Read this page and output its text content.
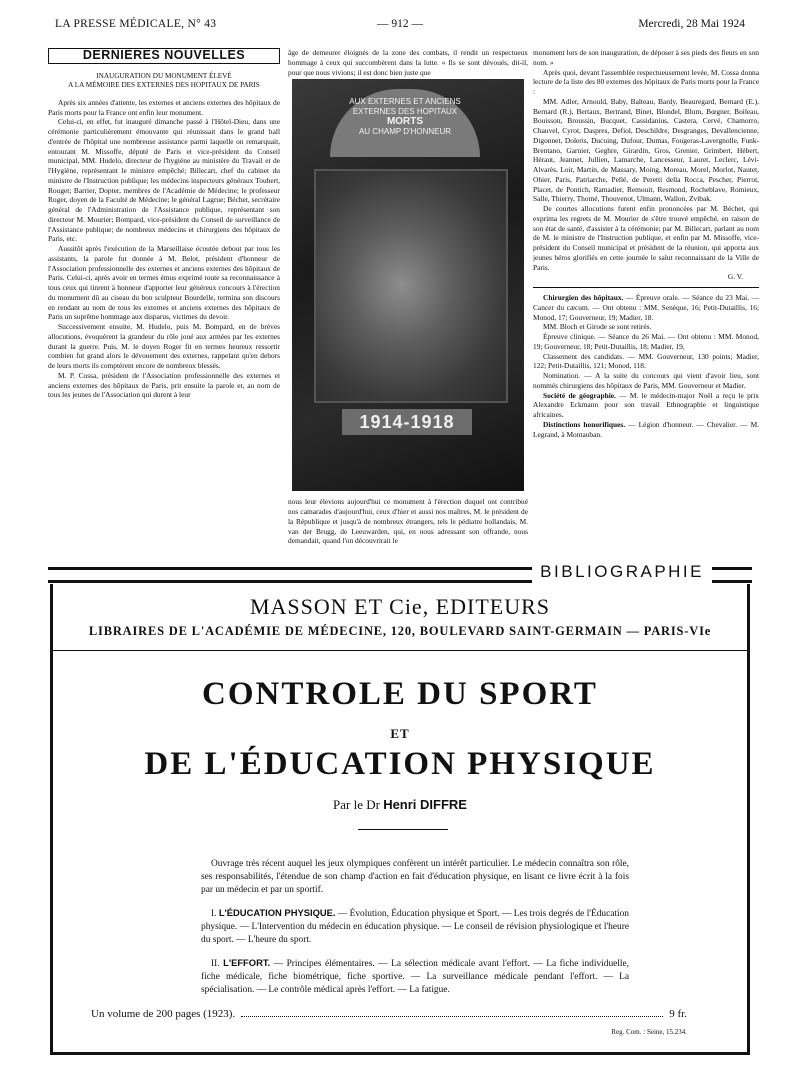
LA PRESSE MÉDICALE, N° 43	— 912 —	Mercredi, 28 Mai 1924
DERNIÈRES NOUVELLES
INAUGURATION DU MONUMENT ÉLEVÉ
A LA MÉMOIRE DES EXTERNES DES HOPITAUX DE PARIS

Après six années d'attente, les externes et anciens externes des hôpitaux de Paris morts pour la France ont enfin leur monument.

Celui-ci, en effet, fut inauguré dimanche passé à l'Hôtel-Dieu, dans une cérémonie particulièrement émouvante qui réunissait dans le grand hall d'entrée de l'hôpital une nombreuse assistance parmi laquelle on remarquait, entourant M. Missoffe, député de Paris et vice-président du Conseil municipal, MM. Hudelo, directeur de l'hygiène au ministère du Travail et de l'Hygiène, représentant le ministre empêché; Billecart, chef du cabinet du ministre de l'Instruction publique; les médecins inspecteurs généraux Toubert, Rouget; Barrier, Dopter, membres de l'Académie de Médecine; le professeur Roger, doyen de la Faculté de Médecine; le général Lagrue; Béchet, secrétaire général de l'Administration de l'Assistance publique, représentant son directeur M. Mourier; Bompard, vice-président du Conseil de surveillance de l'Assistance publique; de nombreux médecins et chirurgiens des hôpitaux de Paris, etc.

Aussitôt après l'exécution de la Marseillaise écoutée debout par tous les assistants, la parole fut donnée à M. Belot, président d'honneur de l'Association professionnelle des externes et anciens externes des hôpitaux de Paris. Celui-ci, après avoir en termes émus exprimé toute sa reconnaissance à tous ceux qui tinrent à honneur d'apporter leur généreux concours à l'érection du monument dû au ciseau du bon sculpteur Bourdelle, termina son discours en rendant au nom de tous les externes et anciens externes des hôpitaux de Paris un suprême hommage aux disparus, victimes du devoir.

Successivement ensuite, M. Hudelo, puis M. Bompard, en de brèves allocutions, évoquèrent la grandeur du rôle joué aux armées par les externes durant la guerre. Puis, M. le doyen Roger fit en termes heureux ressortir combien fut grand alors le dévouement des externes, rappelant qu'en dehors de leurs morts ils comptèrent encore de nombreux blessés.

M. P. Cossa, président de l'Association professionnelle des externes et anciens externes des hôpitaux de Paris, prit ensuite la parole et, au nom de tous les jeunes de l'Association qui durent à leur

âge de demeurer éloignés de la zone des combats, il rendit un respectueux hommage à ceux qui succombèrent dans la lutte. « Ils se sont dévoués, dit-il, pour que nous vivions; il est donc bien juste que

AUX EXTERNES ET ANCIENS
EXTERNES DES HOPITAUX
MORTS
AU CHAMP D'HONNEUR
1914-1918

nous leur élevions aujourd'hui ce monument à l'érection duquel ont contribué nos camarades d'aujourd'hui, ceux d'hier et aussi nos maîtres, M. le président de la République et jusqu'à de nombreux étrangers, tels le pédiatre hollandais, M. van der Brugg, de Leeuwarden, qui, en nous adressant son offrande, nous demandait, quand l'on découvrirait le

monument lors de son inauguration, de déposer à ses pieds des fleurs en son nom. »

Après quoi, devant l'assemblée respectueusement levée, M. Cossa donna lecture de la liste des 80 externes des hôpitaux de Paris morts pour la France :

MM. Adler, Arnould, Baby, Balteau, Bardy, Beauregard, Bernard (E.), Bernard (R.), Bertaux, Bertrand, Binet, Blondel, Blum, Bœgner, Boileau, Bouisson, Broussin, Bucquet, Cassidanius, Castera, Cervé, Chamorro, Chauvel, Cyrot, Daspres, Defiol, Deschildre, Desgranges, Devallencienne, Digonnet, Doleris, Ducuing, Dufour, Dumas, Fougeras-Lavergnolle, Funk-Brentano, Garnier, Geghre, Girardin, Gros, Grenier, Grimbert, Hébert, Héraut, Jeannet, Jullien, Lamarche, Lancesseur, Lauret, Leclerc, Lévi-Alvarès, Loir, Martin, de Massary, Moing, Moreau, Morel, Morlot, Nautet, Ohier, Paris, Patriarche, Pellé, de Peretti della Rocca, Pescher, Pierrot, Placet, de Pontich, Ramadier, Remouit, Resmond, Rocheblave, Romieux, Salle, Thierry, Thomé, Thouvenot, Ulmann, Wallon, Zvibak.

De courtes allocutions furent enfin prononcées par M. Béchet, qui exprima les regrets de M. Mourier de s'être trouvé empêché, en raison de son état de santé, d'assister à la cérémonie; par M. Billecart, parlant au nom de M. le ministre de l'Instruction publique, et enfin par M. Missoffe, vice-président du Conseil municipal et président de la réunion, qui apporta aux jeunes héros glorifiés en cette journée le salut reconnaissant de la Ville de Paris.

G. V.

Chirurgien des hôpitaux. — Épreuve orale. — Séance du 23 Mai. — Cancer du cæcum. — Ont obtenu : MM. Senèque, 16; Petit-Dutaillis, 16; Monod, 17; Gouverneur, 19; Madier, 18.

MM. Bloch et Girode se sont retirés.

Épreuve clinique. — Séance du 26 Mai. — Ont obtenu : MM. Monod, 19; Gouverneur, 18; Petit-Dutaillis, 18; Madier, 19,

Classement des candidats. — MM. Gouverneur, 130 points; Madier, 122; Petit-Dutaillis, 121; Monod, 118.

Nomination. — A la suite du concours qui vient d'avoir lieu, sont nommés chirurgiens des hôpitaux de Paris, MM. Gouverneur et Madier.

Société de géographie. — M. le médecin-major Noël a reçu le prix Alexandre Eckmann pour son travail Ethnographie et linguistique africaines.

Distinctions honorifiques. — Légion d'honneur. — Chevalier. — M. Legrand, à Montauban.

BIBLIOGRAPHIE
MASSON ET Cie, EDITEURS
LIBRAIRES DE L'ACADÉMIE DE MÉDECINE, 120, BOULEVARD SAINT-GERMAIN — PARIS-VIe
CONTROLE DU SPORT
ET
DE L'ÉDUCATION PHYSIQUE
Par le Dr Henri DIFFRE

Ouvrage très récent auquel les jeux olympiques confèrent un intérêt particulier. Le médecin connaîtra son rôle, ses responsabilités, l'étendue de son champ d'action en fait d'éducation physique, en lisant ce livre écrit à la fois par un médecin et par un sportif.

I. L'ÉDUCATION PHYSIQUE. — Évolution, Éducation physique et Sport. — Les trois degrés de l'Éducation physique. — L'Intervention du médecin en éducation physique. — Le conseil de révision physiologique et l'heure du sport. — L'heure du sport.

II. L'EFFORT. — Principes élémentaires. — La sélection médicale avant l'effort. — La fiche individuelle, fiche médicale, fiche biométrique, fiche sportive. — La surveillance médicale pendant l'effort. — La spécialisation. — Le contrôle médical après l'effort. — La fatigue.

Un volume de 200 pages (1923).	9 fr.
Reg. Com. : Seine, 15.234.
